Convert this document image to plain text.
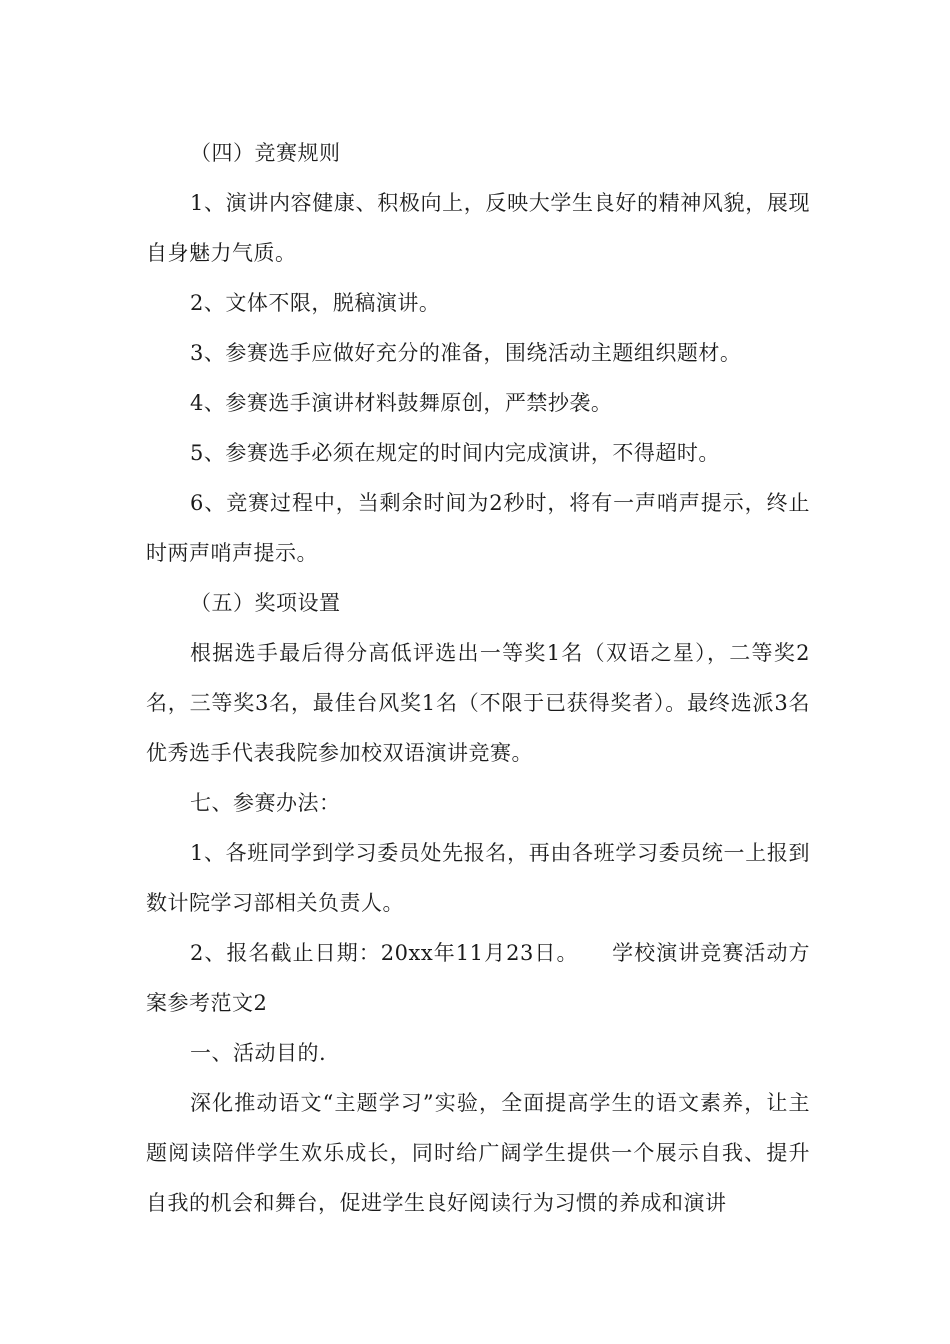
（四）竞赛规则

1、演讲内容健康、积极向上，反映大学生良好的精神风貌，展现自身魅力气质。

2、文体不限，脱稿演讲。

3、参赛选手应做好充分的准备，围绕活动主题组织题材。

4、参赛选手演讲材料鼓舞原创，严禁抄袭。

5、参赛选手必须在规定的时间内完成演讲，不得超时。

6、竞赛过程中，当剩余时间为2秒时，将有一声哨声提示，终止时两声哨声提示。

（五）奖项设置

根据选手最后得分高低评选出一等奖1名（双语之星），二等奖2名，三等奖3名，最佳台风奖1名（不限于已获得奖者）。最终选派3名优秀选手代表我院参加校双语演讲竞赛。

七、参赛办法：

1、各班同学到学习委员处先报名，再由各班学习委员统一上报到数计院学习部相关负责人。

2、报名截止日期：20xx年11月23日。　　学校演讲竞赛活动方案参考范文2

一、活动目的.

深化推动语文“主题学习”实验，全面提高学生的语文素养，让主题阅读陪伴学生欢乐成长，同时给广阔学生提供一个展示自我、提升自我的机会和舞台，促进学生良好阅读行为习惯的养成和演讲
